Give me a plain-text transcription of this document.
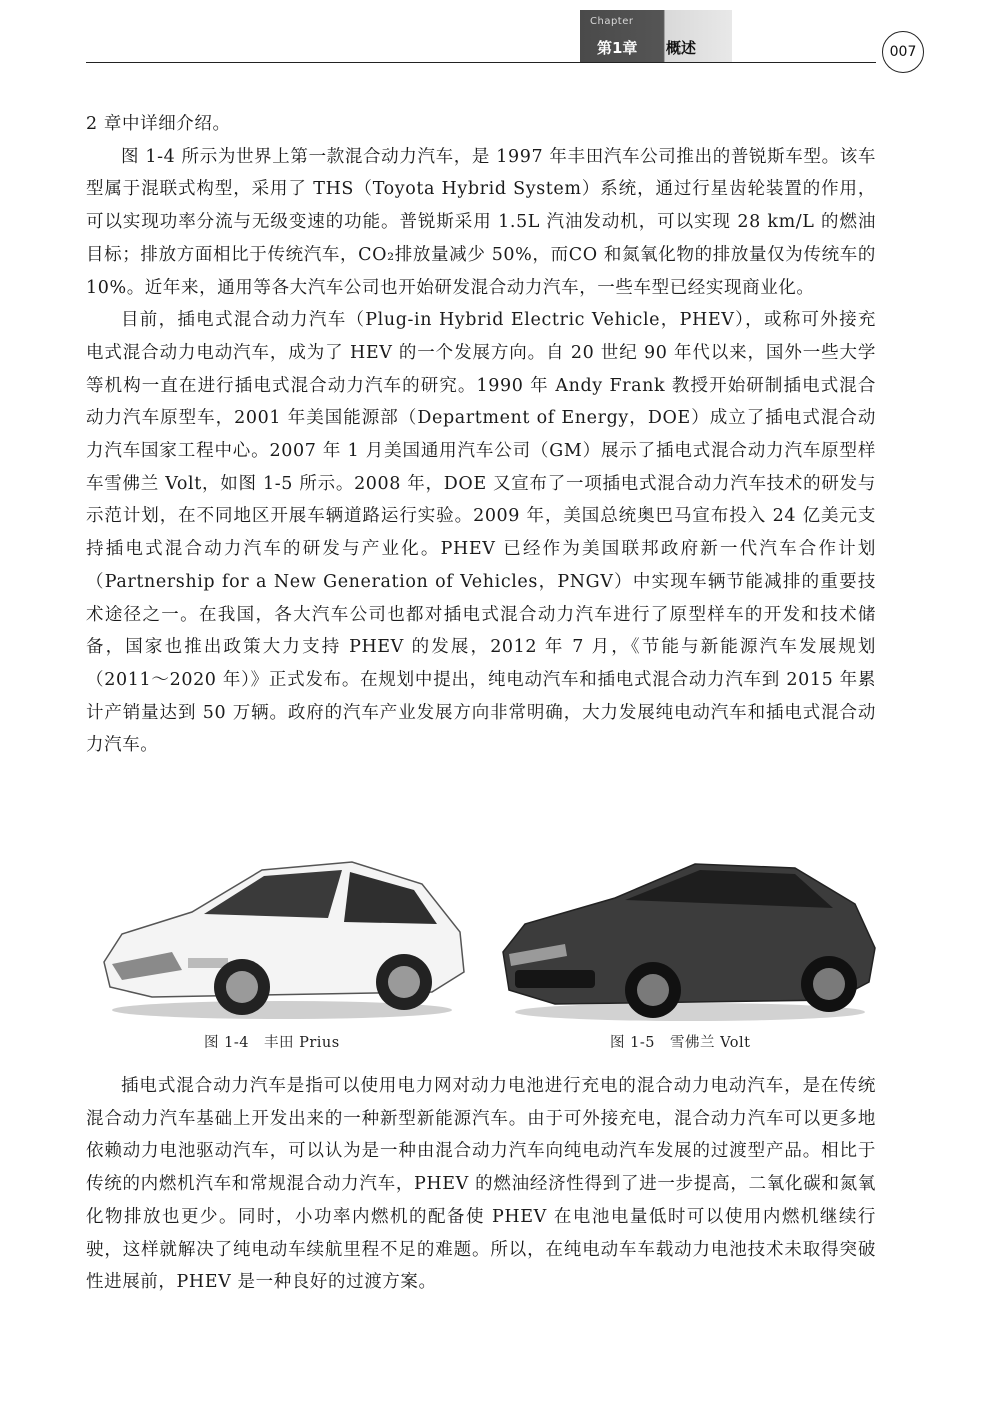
Chapter
第1章 概述	007

2 章中详细介绍。

图 1-4 所示为世界上第一款混合动力汽车，是 1997 年丰田汽车公司推出的普锐斯车型。该车型属于混联式构型，采用了 THS（Toyota Hybrid System）系统，通过行星齿轮装置的作用，可以实现功率分流与无级变速的功能。普锐斯采用 1.5L 汽油发动机，可以实现 28 km/L 的燃油目标；排放方面相比于传统汽车，CO₂排放量减少 50%，而CO 和氮氧化物的排放量仅为传统车的 10%。近年来，通用等各大汽车公司也开始研发混合动力汽车，一些车型已经实现商业化。

目前，插电式混合动力汽车（Plug-in Hybrid Electric Vehicle，PHEV），或称可外接充电式混合动力电动汽车，成为了 HEV 的一个发展方向。自 20 世纪 90 年代以来，国外一些大学等机构一直在进行插电式混合动力汽车的研究。1990 年 Andy Frank 教授开始研制插电式混合动力汽车原型车，2001 年美国能源部（Department of Energy，DOE）成立了插电式混合动力汽车国家工程中心。2007 年 1 月美国通用汽车公司（GM）展示了插电式混合动力汽车原型样车雪佛兰 Volt，如图 1-5 所示。2008 年，DOE 又宣布了一项插电式混合动力汽车技术的研发与示范计划，在不同地区开展车辆道路运行实验。2009 年，美国总统奥巴马宣布投入 24 亿美元支持插电式混合动力汽车的研发与产业化。PHEV 已经作为美国联邦政府新一代汽车合作计划（Partnership for a New Generation of Vehicles，PNGV）中实现车辆节能减排的重要技术途径之一。在我国，各大汽车公司也都对插电式混合动力汽车进行了原型样车的开发和技术储备，国家也推出政策大力支持 PHEV 的发展，2012 年 7 月，《节能与新能源汽车发展规划（2011～2020 年）》正式发布。在规划中提出，纯电动汽车和插电式混合动力汽车到 2015 年累计产销量达到 50 万辆。政府的汽车产业发展方向非常明确，大力发展纯电动汽车和插电式混合动力汽车。

图 1-4　丰田 Prius	图 1-5　雪佛兰 Volt

插电式混合动力汽车是指可以使用电力网对动力电池进行充电的混合动力电动汽车，是在传统混合动力汽车基础上开发出来的一种新型新能源汽车。由于可外接充电，混合动力汽车可以更多地依赖动力电池驱动汽车，可以认为是一种由混合动力汽车向纯电动汽车发展的过渡型产品。相比于传统的内燃机汽车和常规混合动力汽车，PHEV 的燃油经济性得到了进一步提高，二氧化碳和氮氧化物排放也更少。同时，小功率内燃机的配备使 PHEV 在电池电量低时可以使用内燃机继续行驶，这样就解决了纯电动车续航里程不足的难题。所以，在纯电动车车载动力电池技术未取得突破性进展前，PHEV 是一种良好的过渡方案。
